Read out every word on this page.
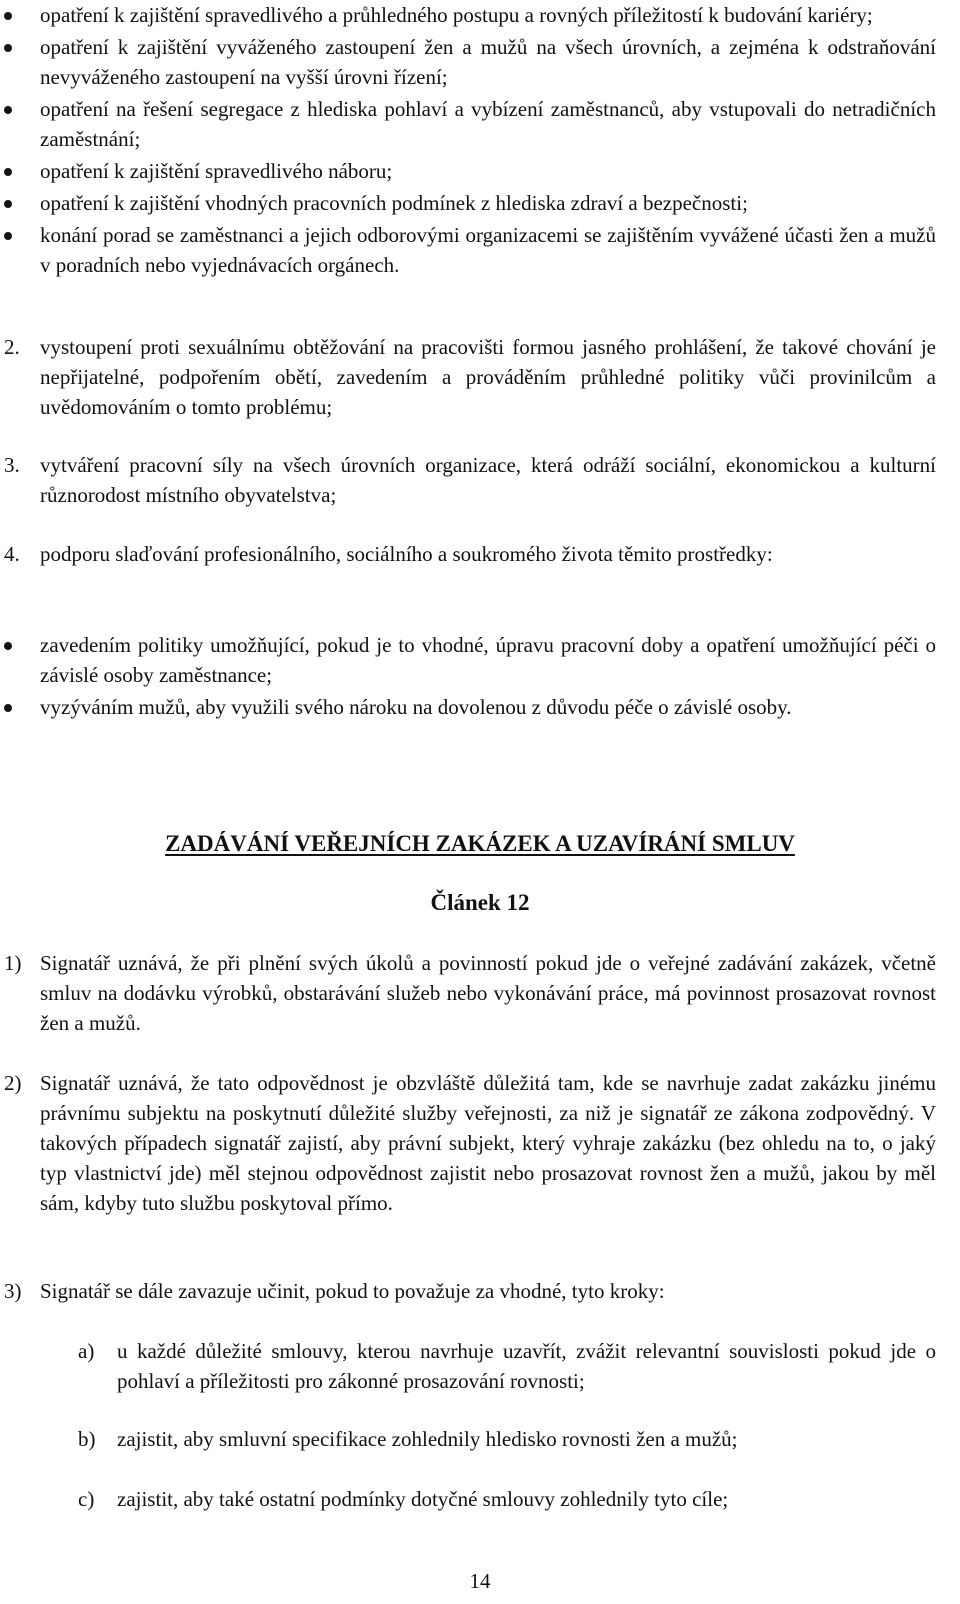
opatření k zajištění spravedlivého a průhledného postupu a rovných příležitostí k budování kariéry;
opatření k zajištění vyváženého zastoupení žen a mužů na všech úrovních, a zejména k odstraňování nevyváženého zastoupení na vyšší úrovni řízení;
opatření na řešení segregace z hlediska pohlaví a vybízení zaměstnanců, aby vstupovali do netradičních zaměstnání;
opatření k zajištění spravedlivého náboru;
opatření k zajištění vhodných pracovních podmínek z hlediska zdraví a bezpečnosti;
konání porad se zaměstnanci a jejich odborovými organizacemi se zajištěním vyvážené účasti žen a mužů v poradních nebo vyjednávacích orgánech.
2. vystoupení proti sexuálnímu obtěžování na pracovišti formou jasného prohlášení, že takové chování je nepřijatelné, podpořením obětí, zavedením a prováděním průhledné politiky vůči provinilcům a uvědomováním o tomto problému;
3. vytváření pracovní síly na všech úrovních organizace, která odráží sociální, ekonomickou a kulturní různorodost místního obyvatelstva;
4. podporu slaďování profesionálního, sociálního a soukromého života těmito prostředky:
zavedením politiky umožňující, pokud je to vhodné, úpravu pracovní doby a opatření umožňující péči o závislé osoby zaměstnance;
vyzýváním mužů, aby využili svého nároku na dovolenou z důvodu péče o závislé osoby.
ZADÁVÁNÍ VEŘEJNÍCH ZAKÁZEK A UZAVÍRÁNÍ SMLUV
Článek 12
1) Signatář uznává, že při plnění svých úkolů a povinností pokud jde o veřejné zadávání zakázek, včetně smluv na dodávku výrobků, obstarávání služeb nebo vykonávání práce, má povinnost prosazovat rovnost žen a mužů.
2) Signatář uznává, že tato odpovědnost je obzvláště důležitá tam, kde se navrhuje zadat zakázku jinému právnímu subjektu na poskytnutí důležité služby veřejnosti, za niž je signatář ze zákona zodpovědný. V takových případech signatář zajistí, aby právní subjekt, který vyhraje zakázku (bez ohledu na to, o jaký typ vlastnictví jde) měl stejnou odpovědnost zajistit nebo prosazovat rovnost žen a mužů, jakou by měl sám, kdyby tuto službu poskytoval přímo.
3) Signatář se dále zavazuje učinit, pokud to považuje za vhodné, tyto kroky:
a) u každé důležité smlouvy, kterou navrhuje uzavřít, zvážit relevantní souvislosti pokud jde o pohlaví a příležitosti pro zákonné prosazování rovnosti;
b) zajistit, aby smluvní specifikace zohlednily hledisko rovnosti žen a mužů;
c) zajistit, aby také ostatní podmínky dotyčné smlouvy zohlednily tyto cíle;
14
